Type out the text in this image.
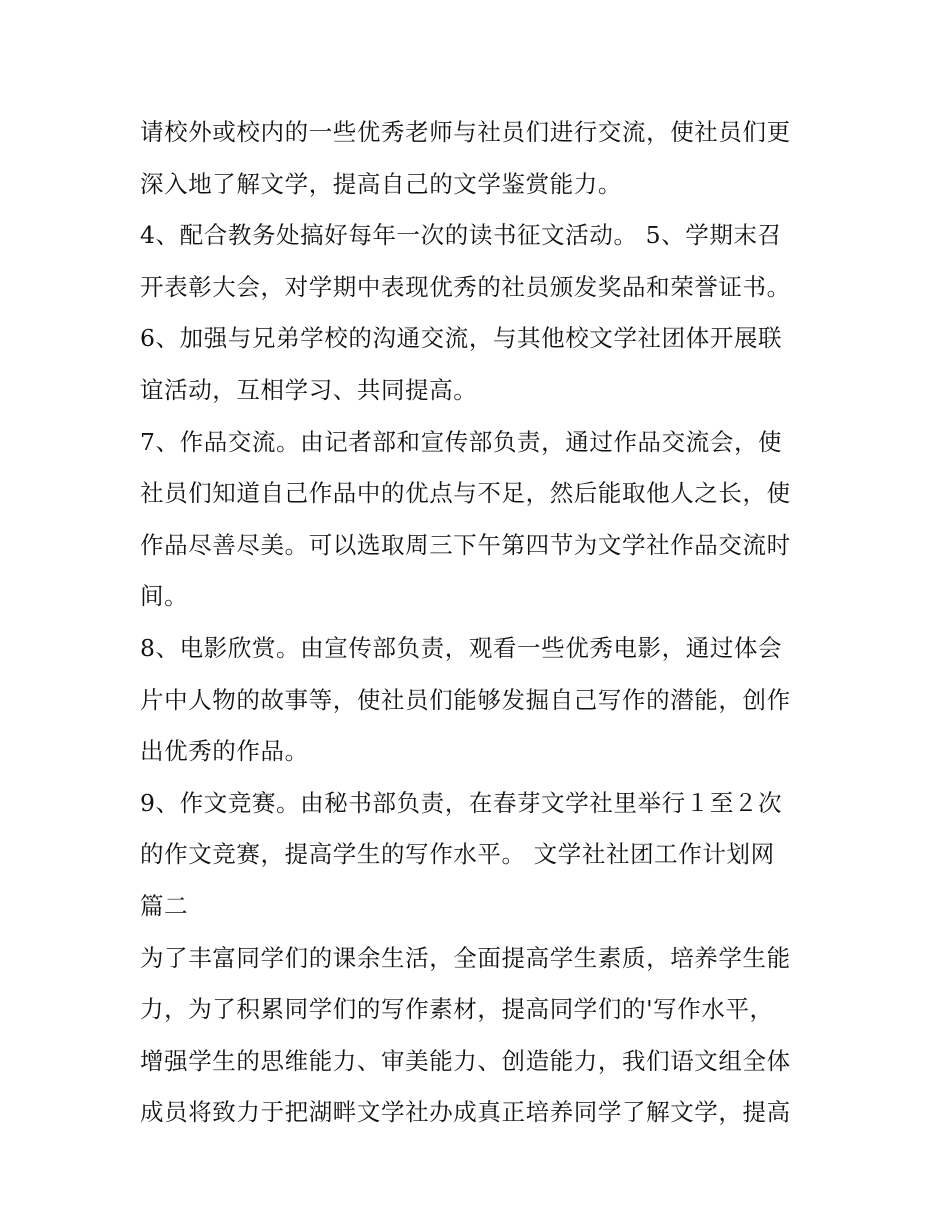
请校外或校内的一些优秀老师与社员们进行交流，使社员们更
深入地了解文学，提高自己的文学鉴赏能力。
4、配合教务处搞好每年一次的读书征文活动。 5、学期末召
开表彰大会，对学期中表现优秀的社员颁发奖品和荣誉证书。
6、加强与兄弟学校的沟通交流，与其他校文学社团体开展联
谊活动，互相学习、共同提高。
7、作品交流。由记者部和宣传部负责，通过作品交流会，使
社员们知道自己作品中的优点与不足，然后能取他人之长，使
作品尽善尽美。可以选取周三下午第四节为文学社作品交流时
间。
8、电影欣赏。由宣传部负责，观看一些优秀电影，通过体会
片中人物的故事等，使社员们能够发掘自己写作的潜能，创作
出优秀的作品。
9、作文竞赛。由秘书部负责，在春芽文学社里举行１至２次
的作文竞赛，提高学生的写作水平。 文学社社团工作计划网
篇二
为了丰富同学们的课余生活，全面提高学生素质，培养学生能
力，为了积累同学们的写作素材，提高同学们的'写作水平，
增强学生的思维能力、审美能力、创造能力，我们语文组全体
成员将致力于把湖畔文学社办成真正培养同学了解文学，提高
